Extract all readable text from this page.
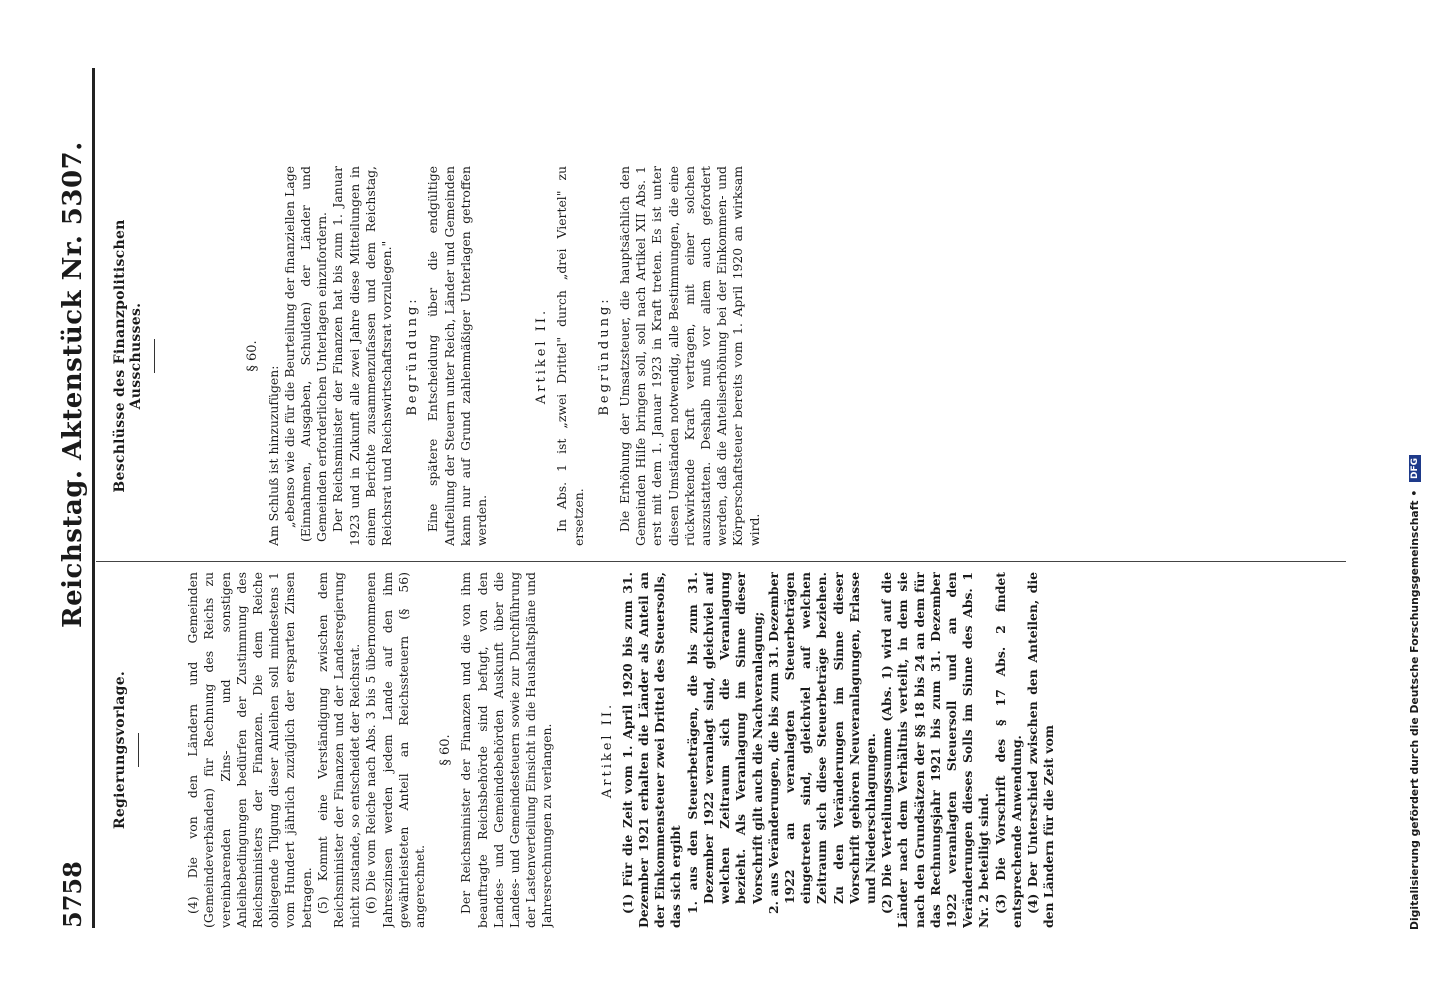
5758
Reichstag. Aktenstück Nr. 5307.
Regierungsvorlage.	(4) Die von den Ländern und Gemeinden (Gemeindeverbänden) für Rechnung des Reichs zu vereinbarenden Zins- und sonstigen Anleihebedingungen bedürfen der Zustimmung des Reichsministers der Finanzen. Die dem Reiche obliegende Tilgung dieser Anleihen soll mindestens 1 vom Hundert jährlich zuzüglich der ersparten Zinsen betragen. (5) Kommt eine Verständigung zwischen dem Reichsminister der Finanzen und der Landesregierung nicht zustande, so entscheidet der Reichsrat. (6) Die vom Reiche nach Abs. 3 bis 5 übernommenen Jahreszinsen werden jedem Lande auf den ihm gewährleisteten Anteil an Reichssteuern (§ 56) angerechnet.

§ 60. Der Reichsminister der Finanzen und die von ihm beauftragte Reichsbehörde sind befugt, von den Landes- und Gemeindebehörden Auskunft über die Landes- und Gemeindesteuern sowie zur Durchführung der Lastenverteilung Einsicht in die Haushaltspläne und Jahresrechnungen zu verlangen.	Artikel II. (1) Für die Zeit vom 1. April 1920 bis zum 31. Dezember 1921 erhalten die Länder als Anteil an der Einkommensteuer zwei Drittel des Steuersolls, das sich ergibt 1. aus den Steuerbeträgen, die bis zum 31. Dezember 1922 veranlagt sind, gleichviel auf welchen Zeitraum sich die Veranlagung bezieht. Als Veranlagung im Sinne dieser Vorschrift gilt auch die Nachveranlagung; 2. aus Veränderungen, die bis zum 31. Dezember 1922 an veranlagten Steuerbeträgen eingetreten sind, gleichviel auf welchen Zeitraum sich diese Steuerbeträge beziehen. Zu den Veränderungen im Sinne dieser Vorschrift gehören Neuveranlagungen, Erlasse und Niederschlagungen. (2) Die Verteilungssumme (Abs. 1) wird auf die Länder nach dem Verhältnis verteilt, in dem sie nach den Grundsätzen der §§ 18 bis 24 an dem für das Rechnungsjahr 1921 bis zum 31. Dezember 1922 veranlagten Steuersoll und an den Veränderungen dieses Solls im Sinne des Abs. 1 Nr. 2 beteiligt sind. (3) Die Vorschrift des § 17 Abs. 2 findet entsprechende Anwendung. (4) Der Unterschied zwischen den Anteilen, die den Ländern für die Zeit vom

Beschlüsse des Finanzpolitischen Ausschusses.	§ 60.

Am Schluß ist hinzuzufügen: „ebenso wie die für die Beurteilung der finanziellen Lage (Einnahmen, Ausgaben, Schulden) der Länder und Gemeinden erforderlichen Unterlagen einzufordern. Der Reichsminister der Finanzen hat bis zum 1. Januar 1923 und in Zukunft alle zwei Jahre diese Mitteilungen in einem Berichte zusammenzufassen und dem Reichstag, Reichsrat und Reichswirtschaftsrat vorzulegen." Begründung: Eine spätere Entscheidung über die endgültige Aufteilung der Steuern unter Reich, Länder und Gemeinden kann nur auf Grund zahlenmäßiger Unterlagen getroffen werden.

Artikel II. In Abs. 1 ist „zwei Drittel" durch „drei Viertel" zu ersetzen.

Begründung: Die Erhöhung der Umsatzsteuer, die hauptsächlich den Gemeinden Hilfe bringen soll, soll nach Artikel XII Abs. 1 erst mit dem 1. Januar 1923 in Kraft treten. Es ist unter diesen Umständen notwendig, alle Bestimmungen, die eine rückwirkende Kraft vertragen, mit einer solchen auszustatten. Deshalb muß vor allem auch gefordert werden, daß die Anteilserhöhung bei der Einkommen- und Körperschaftsteuer bereits vom 1. April 1920 an wirksam wird.	Digitalisierung gefördert durch die Deutsche Forschungsgemeinschaft • DFG
